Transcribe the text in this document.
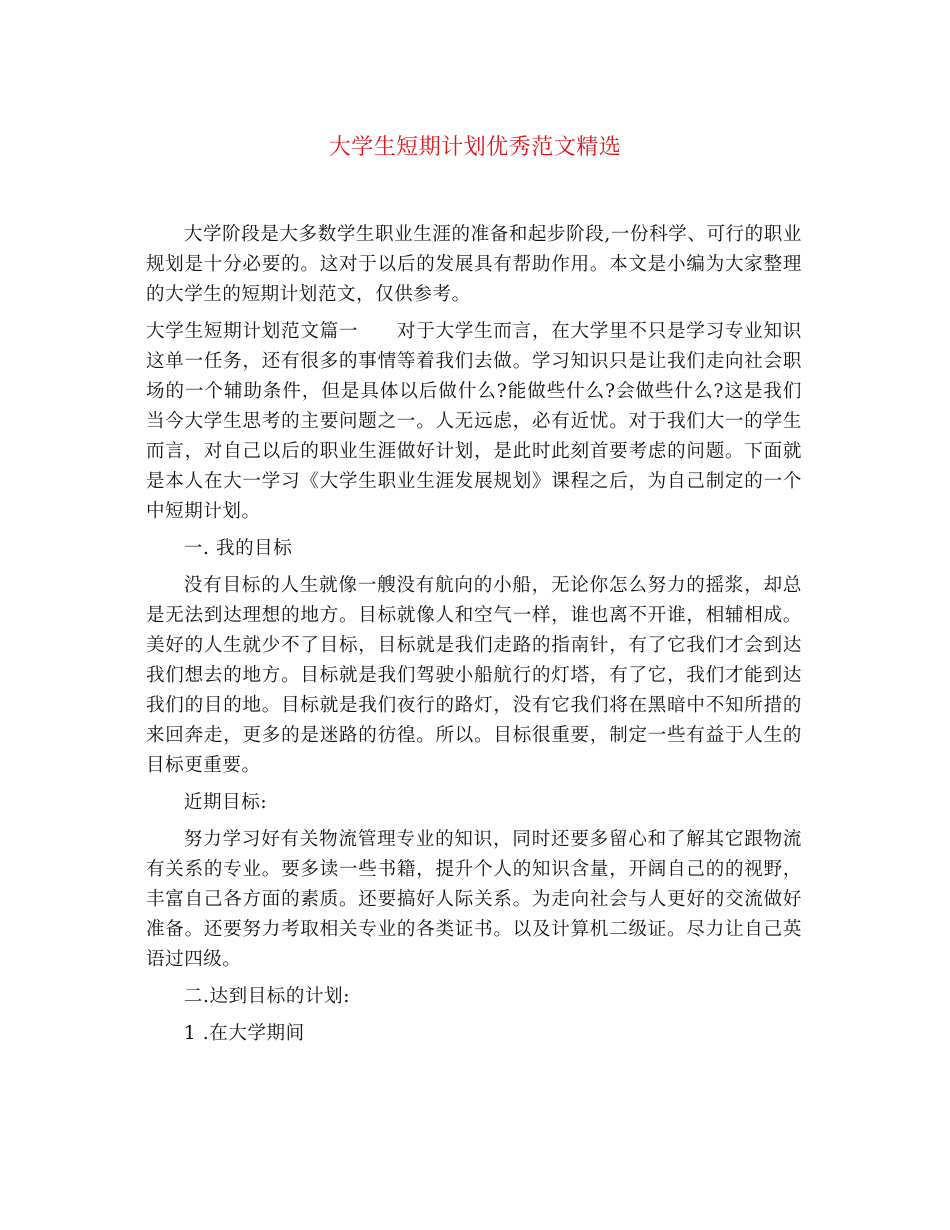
大学生短期计划优秀范文精选

大学阶段是大多数学生职业生涯的准备和起步阶段,一份科学、可行的职业规划是十分必要的。这对于以后的发展具有帮助作用。本文是小编为大家整理的大学生的短期计划范文，仅供参考。

大学生短期计划范文篇一　　对于大学生而言，在大学里不只是学习专业知识这单一任务，还有很多的事情等着我们去做。学习知识只是让我们走向社会职场的一个辅助条件，但是具体以后做什么?能做些什么?会做些什么?这是我们当今大学生思考的主要问题之一。人无远虑，必有近忧。对于我们大一的学生而言，对自己以后的职业生涯做好计划，是此时此刻首要考虑的问题。下面就是本人在大一学习《大学生职业生涯发展规划》课程之后，为自己制定的一个中短期计划。

一. 我的目标

没有目标的人生就像一艘没有航向的小船，无论你怎么努力的摇浆，却总是无法到达理想的地方。目标就像人和空气一样，谁也离不开谁，相辅相成。美好的人生就少不了目标，目标就是我们走路的指南针，有了它我们才会到达我们想去的地方。目标就是我们驾驶小船航行的灯塔，有了它，我们才能到达我们的目的地。目标就是我们夜行的路灯，没有它我们将在黑暗中不知所措的来回奔走，更多的是迷路的彷徨。所以。目标很重要，制定一些有益于人生的目标更重要。

近期目标:

努力学习好有关物流管理专业的知识，同时还要多留心和了解其它跟物流有关系的专业。要多读一些书籍，提升个人的知识含量，开阔自己的的视野，丰富自己各方面的素质。还要搞好人际关系。为走向社会与人更好的交流做好准备。还要努力考取相关专业的各类证书。以及计算机二级证。尽力让自己英语过四级。

二.达到目标的计划:

1 .在大学期间
